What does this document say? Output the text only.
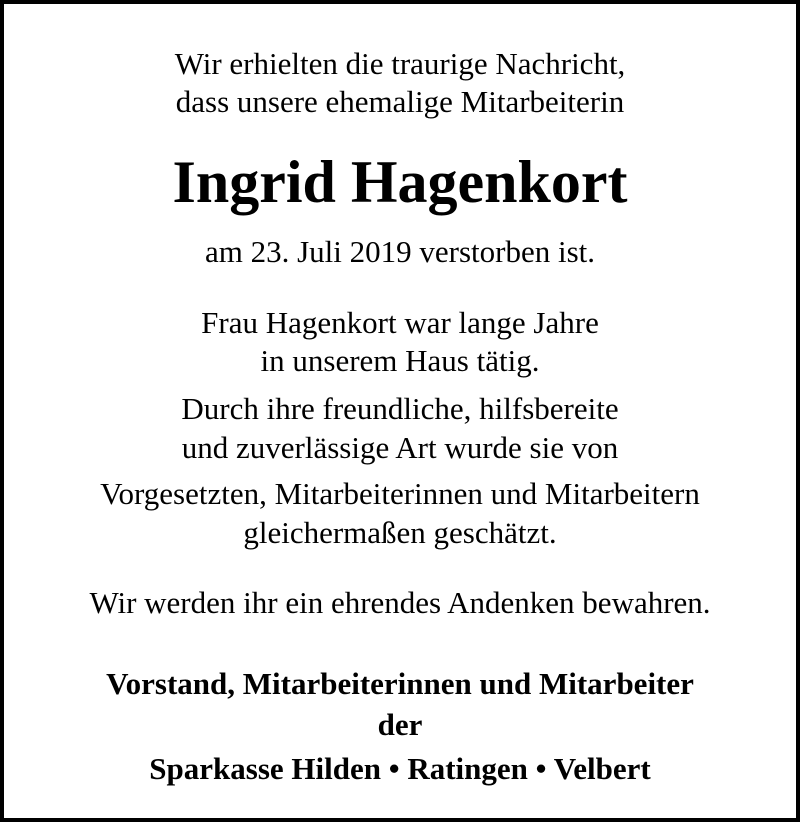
Wir erhielten die traurige Nachricht,
dass unsere ehemalige Mitarbeiterin
Ingrid Hagenkort
am 23. Juli 2019 verstorben ist.
Frau Hagenkort war lange Jahre
in unserem Haus tätig.
Durch ihre freundliche, hilfsbereite
und zuverlässige Art wurde sie von
Vorgesetzten, Mitarbeiterinnen und Mitarbeitern
gleichermaßen geschätzt.
Wir werden ihr ein ehrendes Andenken bewahren.
Vorstand, Mitarbeiterinnen und Mitarbeiter
der
Sparkasse Hilden • Ratingen • Velbert
